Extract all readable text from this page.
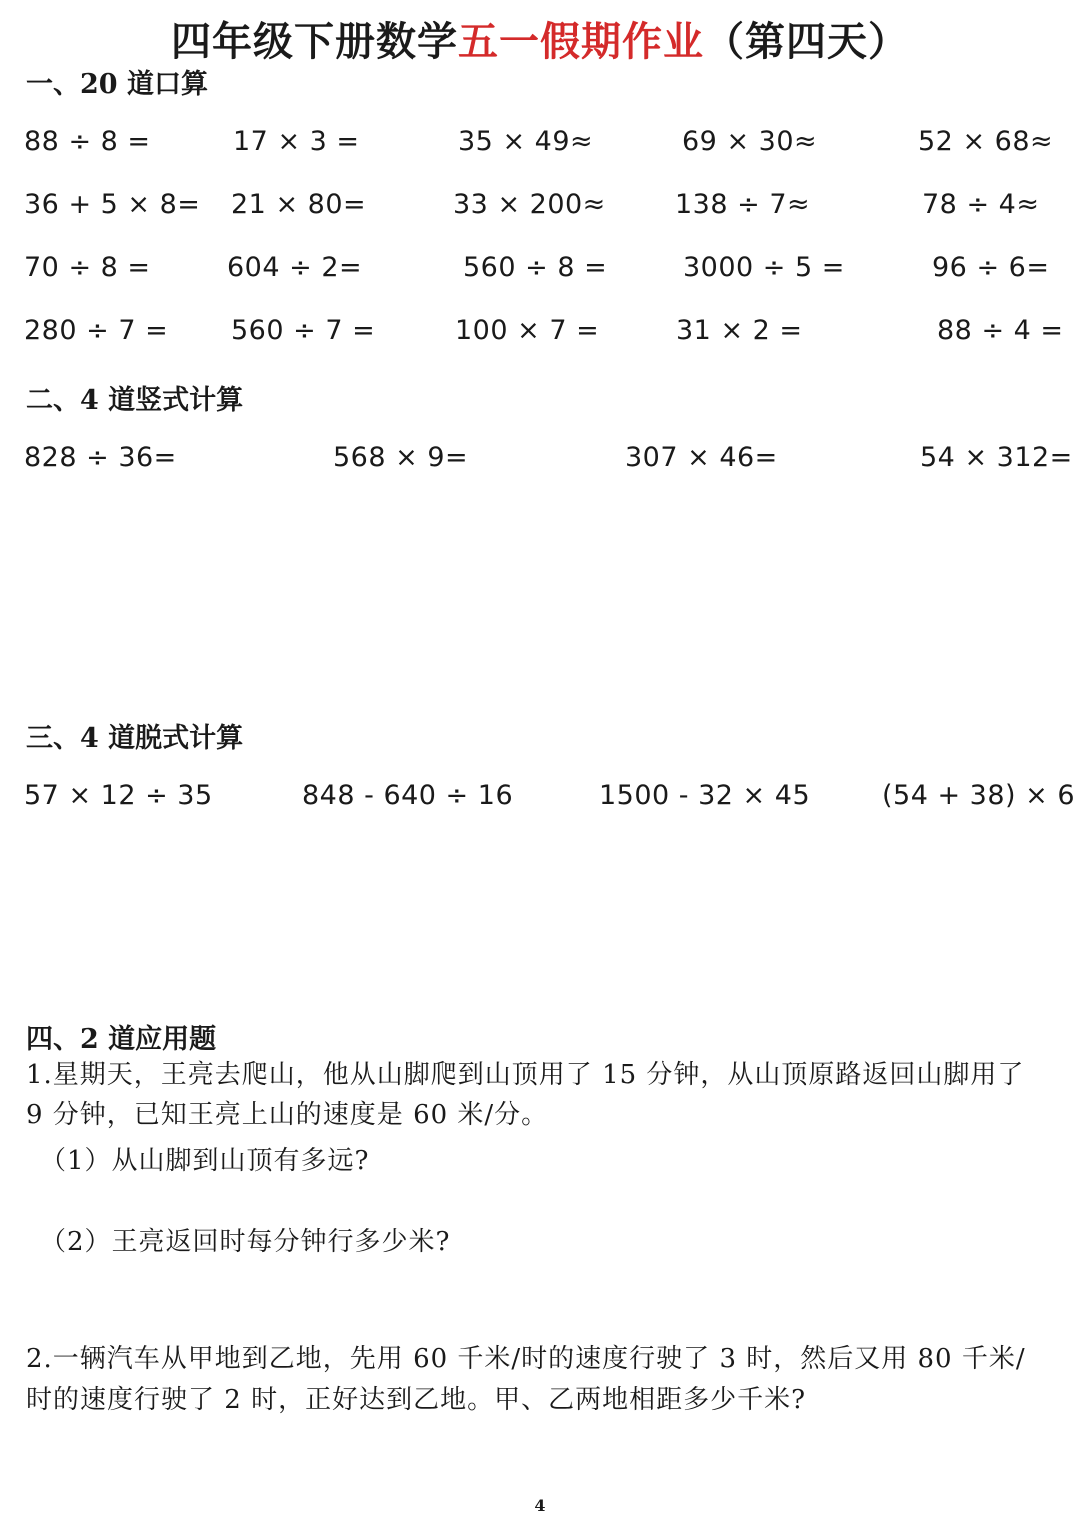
四年级下册数学五一假期作业（第四天）
一、20 道口算
88 ÷ 8 =	17 × 3 =	35 × 49≈	69 × 30≈	52 × 68≈
36 + 5 × 8= 21 × 80=	33 × 200≈	138 ÷ 7≈	78 ÷ 4≈
70 ÷ 8 =	604 ÷ 2=	560 ÷ 8 =	3000 ÷ 5 =	96 ÷ 6=
280 ÷ 7 = 560 ÷ 7 =	100 × 7 =	31 × 2 =	88 ÷ 4 =
二、4 道竖式计算
828 ÷ 36=	568 × 9=	307 × 46=	54 × 312=
三、4 道脱式计算
57 × 12 ÷ 35	848 - 640 ÷ 16	1500 - 32 × 45	(54 + 38) × 6
四、2 道应用题
1.星期天，王亮去爬山，他从山脚爬到山顶用了 15 分钟，从山顶原路返回山脚用了
9 分钟，已知王亮上山的速度是 60 米/分。
（1）从山脚到山顶有多远?
（2）王亮返回时每分钟行多少米?
2.一辆汽车从甲地到乙地，先用 60 千米/时的速度行驶了 3 时，然后又用 80 千米/
时的速度行驶了 2 时，正好达到乙地。甲、乙两地相距多少千米?
4
